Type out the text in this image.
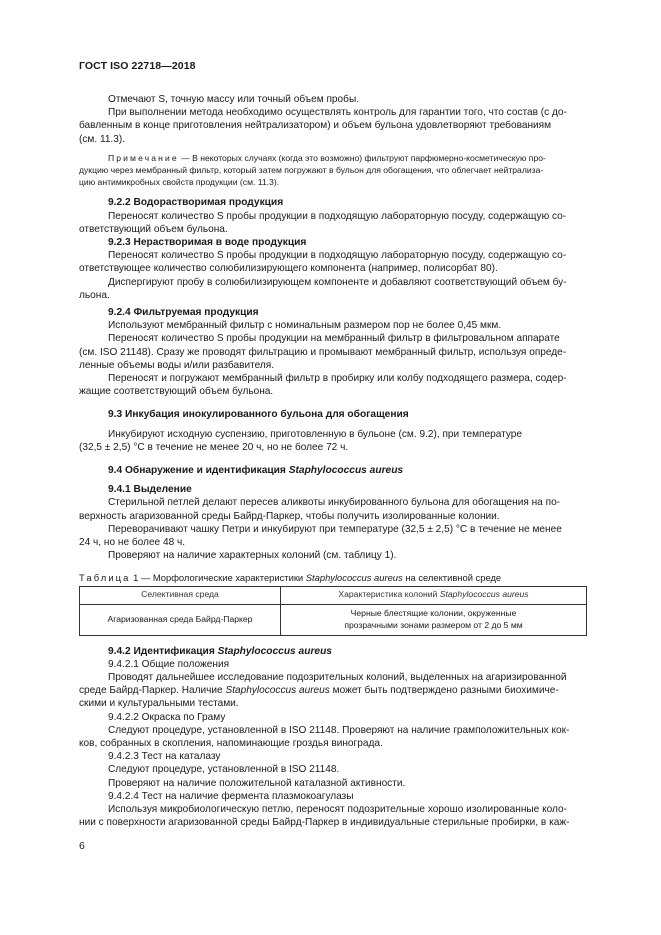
ГОСТ ISO 22718—2018

Отмечают S, точную массу или точный объем пробы.

При выполнении метода необходимо осуществлять контроль для гарантии того, что состав (с до-

бавленным в конце приготовления нейтрализатором) и объем бульона удовлетворяют требованиям

(см. 11.3).

Примечание — В некоторых случаях (когда это возможно) фильтруют парфюмерно-косметическую про-

дукцию через мембранный фильтр, который затем погружают в бульон для обогащения, что облегчает нейтрализа-

цию антимикробных свойств продукции (см. 11.3).

9.2.2 Водорастворимая продукция

Переносят количество S пробы продукции в подходящую лабораторную посуду, содержащую со-

ответствующий объем бульона.

9.2.3 Нерастворимая в воде продукция

Переносят количество S пробы продукции в подходящую лабораторную посуду, содержащую со-

ответствующее количество солюбилизирующего компонента (например, полисорбат 80).

Диспергируют пробу в солюбилизирующем компоненте и добавляют соответствующий объем бу-

льона.

9.2.4 Фильтруемая продукция

Используют мембранный фильтр с номинальным размером пор не более 0,45 мкм.

Переносят количество S пробы продукции на мембранный фильтр в фильтровальном аппарате

(см. ISO 21148). Сразу же проводят фильтрацию и промывают мембранный фильтр, используя опреде-

ленные объемы воды и/или разбавителя.

Переносят и погружают мембранный фильтр в пробирку или колбу подходящего размера, содер-

жащие соответствующий объем бульона.

9.3 Инкубация инокулированного бульона для обогащения

Инкубируют исходную суспензию, приготовленную в бульоне (см. 9.2), при температуре

(32,5 ± 2,5) °С в течение не менее 20 ч, но не более 72 ч.

9.4 Обнаружение и идентификация Staphylococcus aureus
9.4.1 Выделение

Стерильной петлей делают пересев аликвоты инкубированного бульона для обогащения на по-

верхность агаризованной среды Байрд-Паркер, чтобы получить изолированные колонии.

Переворачивают чашку Петри и инкубируют при температуре (32,5 ± 2,5) °С в течение не менее

24 ч, но не более 48 ч.

Проверяют на наличие характерных колоний (см. таблицу 1).

Таблица 1 — Морфологические характеристики Staphylococcus aureus на селективной среде

Селективная среда	Характеристика колоний Staphylococcus aureus
Агаризованная среда Байрд-Паркер	Черные блестящие колонии, окруженные
прозрачными зонами размером от 2 до 5 мм
9.4.2 Идентификация Staphylococcus aureus

9.4.2.1 Общие положения

Проводят дальнейшее исследование подозрительных колоний, выделенных на агаризированной

среде Байрд-Паркер. Наличие Staphylococcus aureus может быть подтверждено разными биохимиче-

скими и культуральными тестами.

9.4.2.2 Окраска по Граму

Следуют процедуре, установленной в ISO 21148. Проверяют на наличие грамположительных кок-

ков, собранных в скопления, напоминающие гроздья винограда.

9.4.2.3 Тест на каталазу

Следуют процедуре, установленной в ISO 21148.

Проверяют на наличие положительной каталазной активности.

9.4.2.4 Тест на наличие фермента плазмокоагулазы

Используя микробиологическую петлю, переносят подозрительные хорошо изолированные коло-

нии с поверхности агаризованной среды Байрд-Паркер в индивидуальные стерильные пробирки, в каж-

6
